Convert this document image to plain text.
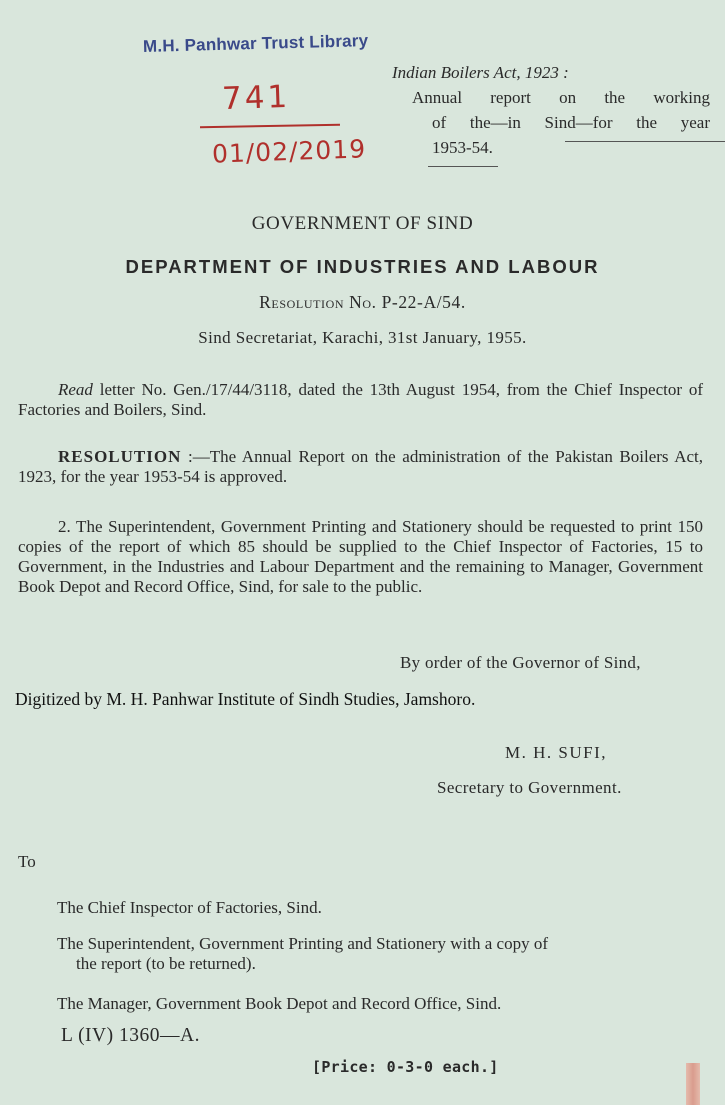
M.H. Panhwar Trust Library
741
01/02/2019
Indian Boilers Act, 1923 :
Annual report on the working
of the—in Sind—for the year
1953-54.
GOVERNMENT OF SIND
DEPARTMENT OF INDUSTRIES AND LABOUR
Resolution No. P-22-A/54.
Sind Secretariat, Karachi, 31st January, 1955.
Read letter No. Gen./17/44/3118, dated the 13th August 1954, from the Chief Inspector of Factories and Boilers, Sind.
RESOLUTION :—The Annual Report on the administration of the Pakistan Boilers Act, 1923, for the year 1953-54 is approved.
2. The Superintendent, Government Printing and Stationery should be requested to print 150 copies of the report of which 85 should be supplied to the Chief Inspector of Factories, 15 to Government, in the Industries and Labour Department and the remaining to Manager, Government Book Depot and Record Office, Sind, for sale to the public.
By order of the Governor of Sind,
Digitized by M. H. Panhwar Institute of Sindh Studies, Jamshoro.
M. H. SUFI,
Secretary to Government.
To
The Chief Inspector of Factories, Sind.
The Superintendent, Government Printing and Stationery with a copy of
the report (to be returned).
The Manager, Government Book Depot and Record Office, Sind.
L (IV) 1360—A.
[Price: 0-3-0 each.]
